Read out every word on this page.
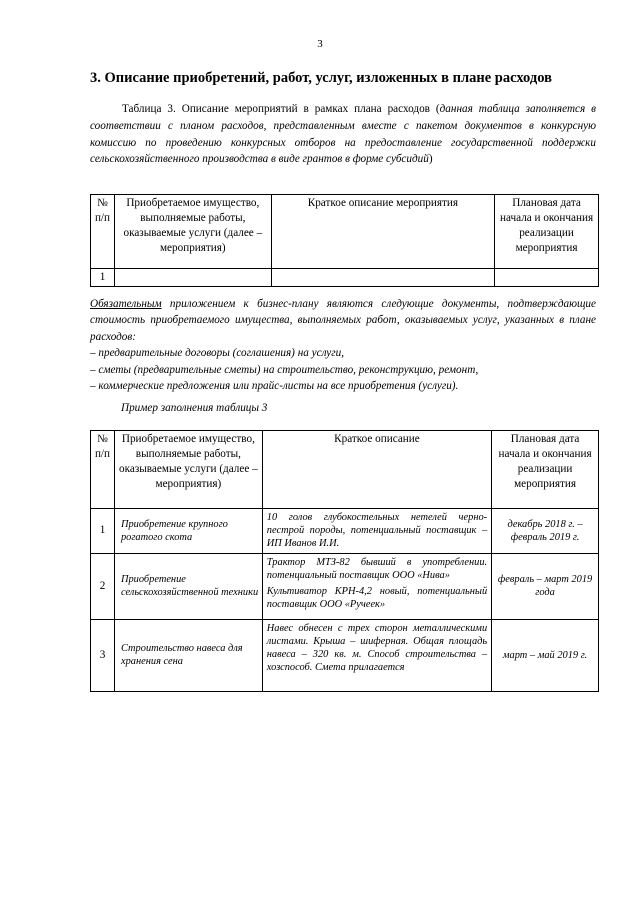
3
3. Описание приобретений, работ, услуг, изложенных в плане расходов

Таблица 3. Описание мероприятий в рамках плана расходов (данная таблица заполняется в соответствии с планом расходов, представленным вместе с пакетом документов в конкурсную комиссию по проведению конкурсных отборов на предоставление государственной поддержки сельскохозяйственного производства в виде грантов в форме субсидий)

№ п/п	Приобретаемое имущество, выполняемые работы, оказываемые услуги (далее – мероприятия)	Краткое описание мероприятия	Плановая дата начала и окончания реализации мероприятия
1			

Обязательным приложением к бизнес-плану являются следующие документы, подтверждающие стоимость приобретаемого имущества, выполняемых работ, оказываемых услуг, указанных в плане расходов:

– предварительные договоры (соглашения) на услуги,
– сметы (предварительные сметы) на строительство, реконструкцию, ремонт,
– коммерческие предложения или прайс-листы на все приобретения (услуги).

Пример заполнения таблицы 3

№ п/п	Приобретаемое имущество, выполняемые работы, оказываемые услуги (далее – мероприятия)	Краткое описание	Плановая дата начала и окончания реализации мероприятия
1	Приобретение крупного рогатого скота	10 голов глубокостельных нетелей черно-пестрой породы, потенциальный поставщик – ИП Иванов И.И.	декабрь 2018 г. – февраль 2019 г.
2	Приобретение сельскохозяйственной техники	Трактор МТЗ-82 бывший в употреблении. потенциальный поставщик ООО «Нива»
Культиватор КРН-4,2 новый, потенциальный поставщик ООО «Ручеек»	февраль – март 2019 года
3	Строительство навеса для хранения сена	Навес обнесен с трех сторон металлическими листами. Крыша – шиферная. Общая площадь навеса – 320 кв. м. Способ строительства – хозспособ. Смета прилагается	март – май 2019 г.
